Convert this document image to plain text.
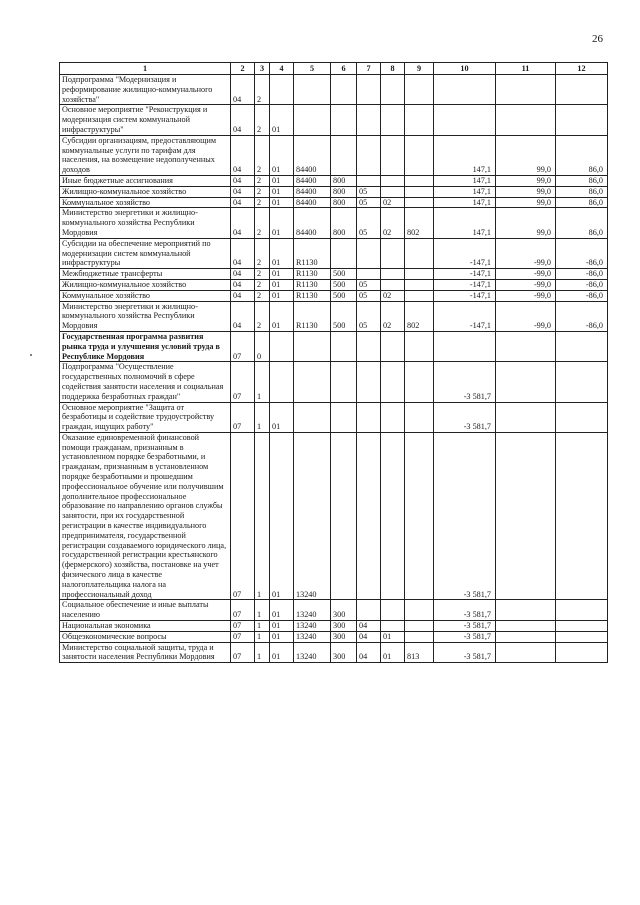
26
1	2	3	4	5	6	7	8	9	10	11	12
Подпрограмма "Модернизация и реформирование жилищно-коммунального хозяйства"	04	2									
Основное мероприятие "Реконструкция и модернизация систем коммунальной инфраструктуры"	04	2	01								
Субсидии организациям, предоставляющим коммунальные услуги по тарифам для населения, на возмещение недополученных доходов	04	2	01	84400					147,1	99,0	86,0
Иные бюджетные ассигнования	04	2	01	84400	800				147,1	99,0	86,0
Жилищно-коммунальное хозяйство	04	2	01	84400	800	05			147,1	99,0	86,0
Коммунальное хозяйство	04	2	01	84400	800	05	02		147,1	99,0	86,0
Министерство энергетики и жилищно-коммунального хозяйства Республики Мордовия	04	2	01	84400	800	05	02	802	147,1	99,0	86,0
Субсидии на обеспечение мероприятий по модернизации систем коммунальной инфраструктуры	04	2	01	R1130					-147,1	-99,0	-86,0
Межбюджетные трансферты	04	2	01	R1130	500				-147,1	-99,0	-86,0
Жилищно-коммунальное хозяйство	04	2	01	R1130	500	05			-147,1	-99,0	-86,0
Коммунальное хозяйство	04	2	01	R1130	500	05	02		-147,1	-99,0	-86,0
Министерство энергетики и жилищно-коммунального хозяйства Республики Мордовия	04	2	01	R1130	500	05	02	802	-147,1	-99,0	-86,0
Государственная программа развития рынка труда и улучшения условий труда в Республике Мордовия	07	0									
Подпрограмма "Осуществление государственных полномочий в сфере содействия занятости населения и социальная поддержка безработных граждан"	07	1							-3 581,7		
Основное мероприятие "Защита от безработицы и содействие трудоустройству граждан, ищущих работу"	07	1	01						-3 581,7		
Оказание единовременной финансовой помощи гражданам, признанным в установленном порядке безработными, и гражданам, признанным в установленном порядке безработными и прошедшим профессиональное обучение или получившим дополнительное профессиональное образование по направлению органов службы занятости, при их государственной регистрации в качестве индивидуального предпринимателя, государственной регистрации создаваемого юридического лица, государственной регистрации крестьянского (фермерского) хозяйства, постановке на учет физического лица в качестве налогоплательщика налога на профессиональный доход	07	1	01	13240					-3 581,7		
Социальное обеспечение и иные выплаты населению	07	1	01	13240	300				-3 581,7		
Национальная экономика	07	1	01	13240	300	04			-3 581,7		
Общеэкономические вопросы	07	1	01	13240	300	04	01		-3 581,7		
Министерство социальной защиты, труда и занятости населения Республики Мордовия	07	1	01	13240	300	04	01	813	-3 581,7		
